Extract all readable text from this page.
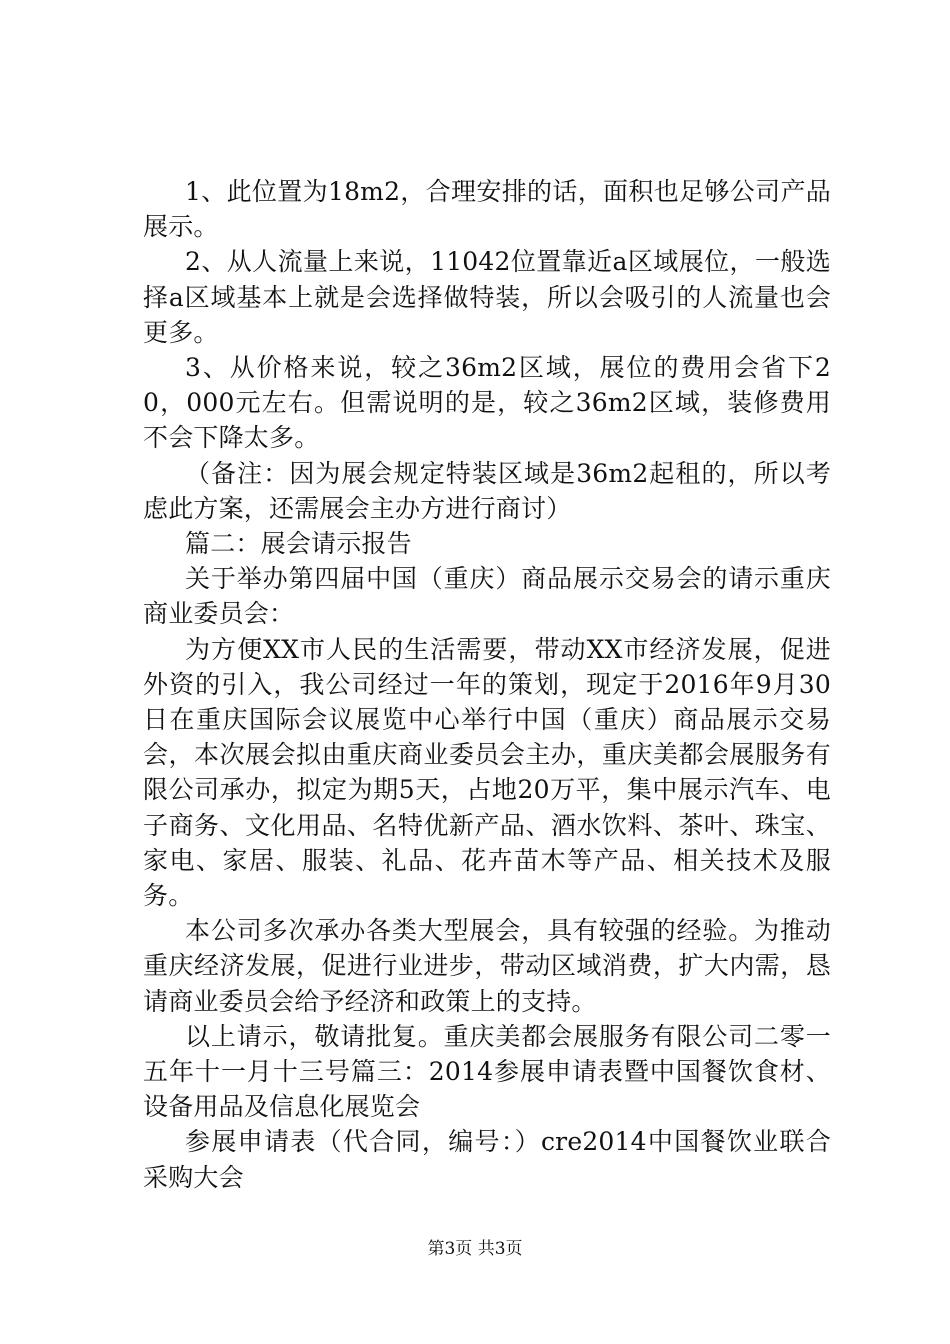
1、此位置为18m2，合理安排的话，面积也足够公司产品展示。

2、从人流量上来说，11042位置靠近a区域展位，一般选择a区域基本上就是会选择做特装，所以会吸引的人流量也会更多。

3、从价格来说，较之36m2区域，展位的费用会省下20，000元左右。但需说明的是，较之36m2区域，装修费用不会下降太多。

（备注：因为展会规定特装区域是36m2起租的，所以考虑此方案，还需展会主办方进行商讨）

篇二：展会请示报告

关于举办第四届中国（重庆）商品展示交易会的请示重庆商业委员会：

为方便XX市人民的生活需要，带动XX市经济发展，促进外资的引入，我公司经过一年的策划，现定于2016年9月30日在重庆国际会议展览中心举行中国（重庆）商品展示交易会，本次展会拟由重庆商业委员会主办，重庆美都会展服务有限公司承办，拟定为期5天，占地20万平，集中展示汽车、电子商务、文化用品、名特优新产品、酒水饮料、茶叶、珠宝、家电、家居、服装、礼品、花卉苗木等产品、相关技术及服务。

本公司多次承办各类大型展会，具有较强的经验。为推动重庆经济发展，促进行业进步，带动区域消费，扩大内需，恳请商业委员会给予经济和政策上的支持。

以上请示，敬请批复。重庆美都会展服务有限公司二零一五年十一月十三号篇三：2014参展申请表暨中国餐饮食材、设备用品及信息化展览会

参展申请表（代合同，编号：）cre2014中国餐饮业联合采购大会

第3页 共3页
